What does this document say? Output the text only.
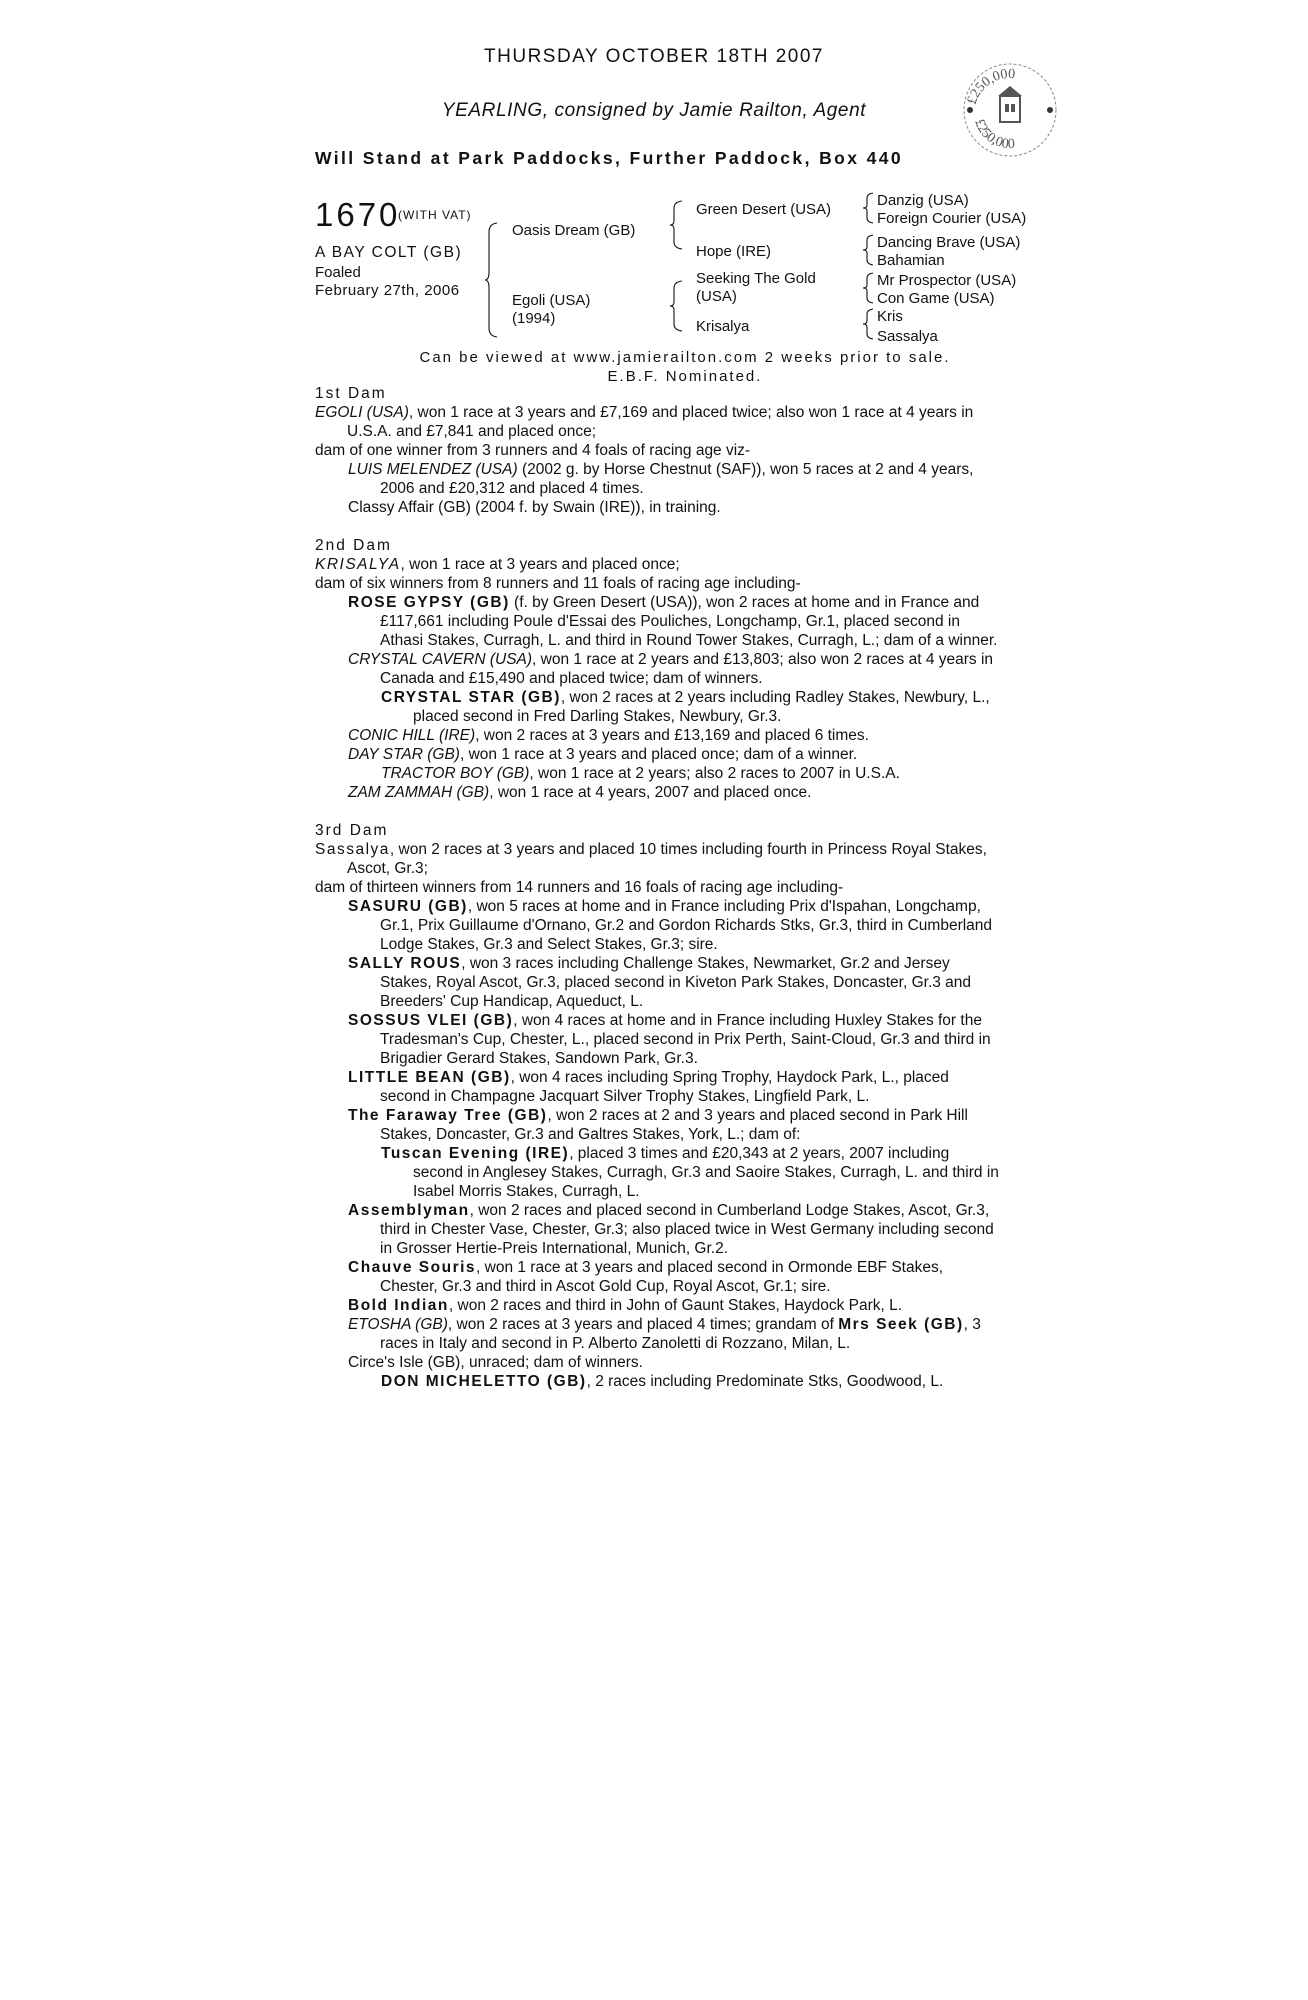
THURSDAY OCTOBER 18TH 2007
YEARLING, consigned by Jamie Railton, Agent
Will Stand at Park Paddocks, Further Paddock, Box 440
£250,000
£250,000
1670
(WITH VAT)
A BAY COLT (GB)
Foaled
February 27th, 2006
Oasis Dream (GB)
Egoli (USA)
(1994)
Green Desert (USA)
Hope (IRE)
Seeking The Gold
(USA)
Krisalya
Danzig (USA)
Foreign Courier (USA)
Dancing Brave (USA)
Bahamian
Mr Prospector (USA)
Con Game (USA)
Kris
Sassalya
Can be viewed at www.jamierailton.com 2 weeks prior to sale.
E.B.F. Nominated.

1st Dam

EGOLI (USA), won 1 race at 3 years and £7,169 and placed twice; also won 1 race at 4 years in U.S.A. and £7,841 and placed once;

dam of one winner from 3 runners and 4 foals of racing age viz-

LUIS MELENDEZ (USA) (2002 g. by Horse Chestnut (SAF)), won 5 races at 2 and 4 years, 2006 and £20,312 and placed 4 times.

Classy Affair (GB) (2004 f. by Swain (IRE)), in training.

2nd Dam

KRISALYA, won 1 race at 3 years and placed once;

dam of six winners from 8 runners and 11 foals of racing age including-

ROSE GYPSY (GB) (f. by Green Desert (USA)), won 2 races at home and in France and £117,661 including Poule d'Essai des Pouliches, Longchamp, Gr.1, placed second in Athasi Stakes, Curragh, L. and third in Round Tower Stakes, Curragh, L.; dam of a winner.

CRYSTAL CAVERN (USA), won 1 race at 2 years and £13,803; also won 2 races at 4 years in Canada and £15,490 and placed twice; dam of winners.

CRYSTAL STAR (GB), won 2 races at 2 years including Radley Stakes, Newbury, L., placed second in Fred Darling Stakes, Newbury, Gr.3.

CONIC HILL (IRE), won 2 races at 3 years and £13,169 and placed 6 times.

DAY STAR (GB), won 1 race at 3 years and placed once; dam of a winner.

TRACTOR BOY (GB), won 1 race at 2 years; also 2 races to 2007 in U.S.A.

ZAM ZAMMAH (GB), won 1 race at 4 years, 2007 and placed once.

3rd Dam

Sassalya, won 2 races at 3 years and placed 10 times including fourth in Princess Royal Stakes, Ascot, Gr.3;

dam of thirteen winners from 14 runners and 16 foals of racing age including-

SASURU (GB), won 5 races at home and in France including Prix d'Ispahan, Longchamp, Gr.1, Prix Guillaume d'Ornano, Gr.2 and Gordon Richards Stks, Gr.3, third in Cumberland Lodge Stakes, Gr.3 and Select Stakes, Gr.3; sire.

SALLY ROUS, won 3 races including Challenge Stakes, Newmarket, Gr.2 and Jersey Stakes, Royal Ascot, Gr.3, placed second in Kiveton Park Stakes, Doncaster, Gr.3 and Breeders' Cup Handicap, Aqueduct, L.

SOSSUS VLEI (GB), won 4 races at home and in France including Huxley Stakes for the Tradesman's Cup, Chester, L., placed second in Prix Perth, Saint-Cloud, Gr.3 and third in Brigadier Gerard Stakes, Sandown Park, Gr.3.

LITTLE BEAN (GB), won 4 races including Spring Trophy, Haydock Park, L., placed second in Champagne Jacquart Silver Trophy Stakes, Lingfield Park, L.

The Faraway Tree (GB), won 2 races at 2 and 3 years and placed second in Park Hill Stakes, Doncaster, Gr.3 and Galtres Stakes, York, L.; dam of:

Tuscan Evening (IRE), placed 3 times and £20,343 at 2 years, 2007 including second in Anglesey Stakes, Curragh, Gr.3 and Saoire Stakes, Curragh, L. and third in Isabel Morris Stakes, Curragh, L.

Assemblyman, won 2 races and placed second in Cumberland Lodge Stakes, Ascot, Gr.3, third in Chester Vase, Chester, Gr.3; also placed twice in West Germany including second in Grosser Hertie-Preis International, Munich, Gr.2.

Chauve Souris, won 1 race at 3 years and placed second in Ormonde EBF Stakes, Chester, Gr.3 and third in Ascot Gold Cup, Royal Ascot, Gr.1; sire.

Bold Indian, won 2 races and third in John of Gaunt Stakes, Haydock Park, L.

ETOSHA (GB), won 2 races at 3 years and placed 4 times; grandam of Mrs Seek (GB), 3 races in Italy and second in P. Alberto Zanoletti di Rozzano, Milan, L.

Circe's Isle (GB), unraced; dam of winners.

DON MICHELETTO (GB), 2 races including Predominate Stks, Goodwood, L.
